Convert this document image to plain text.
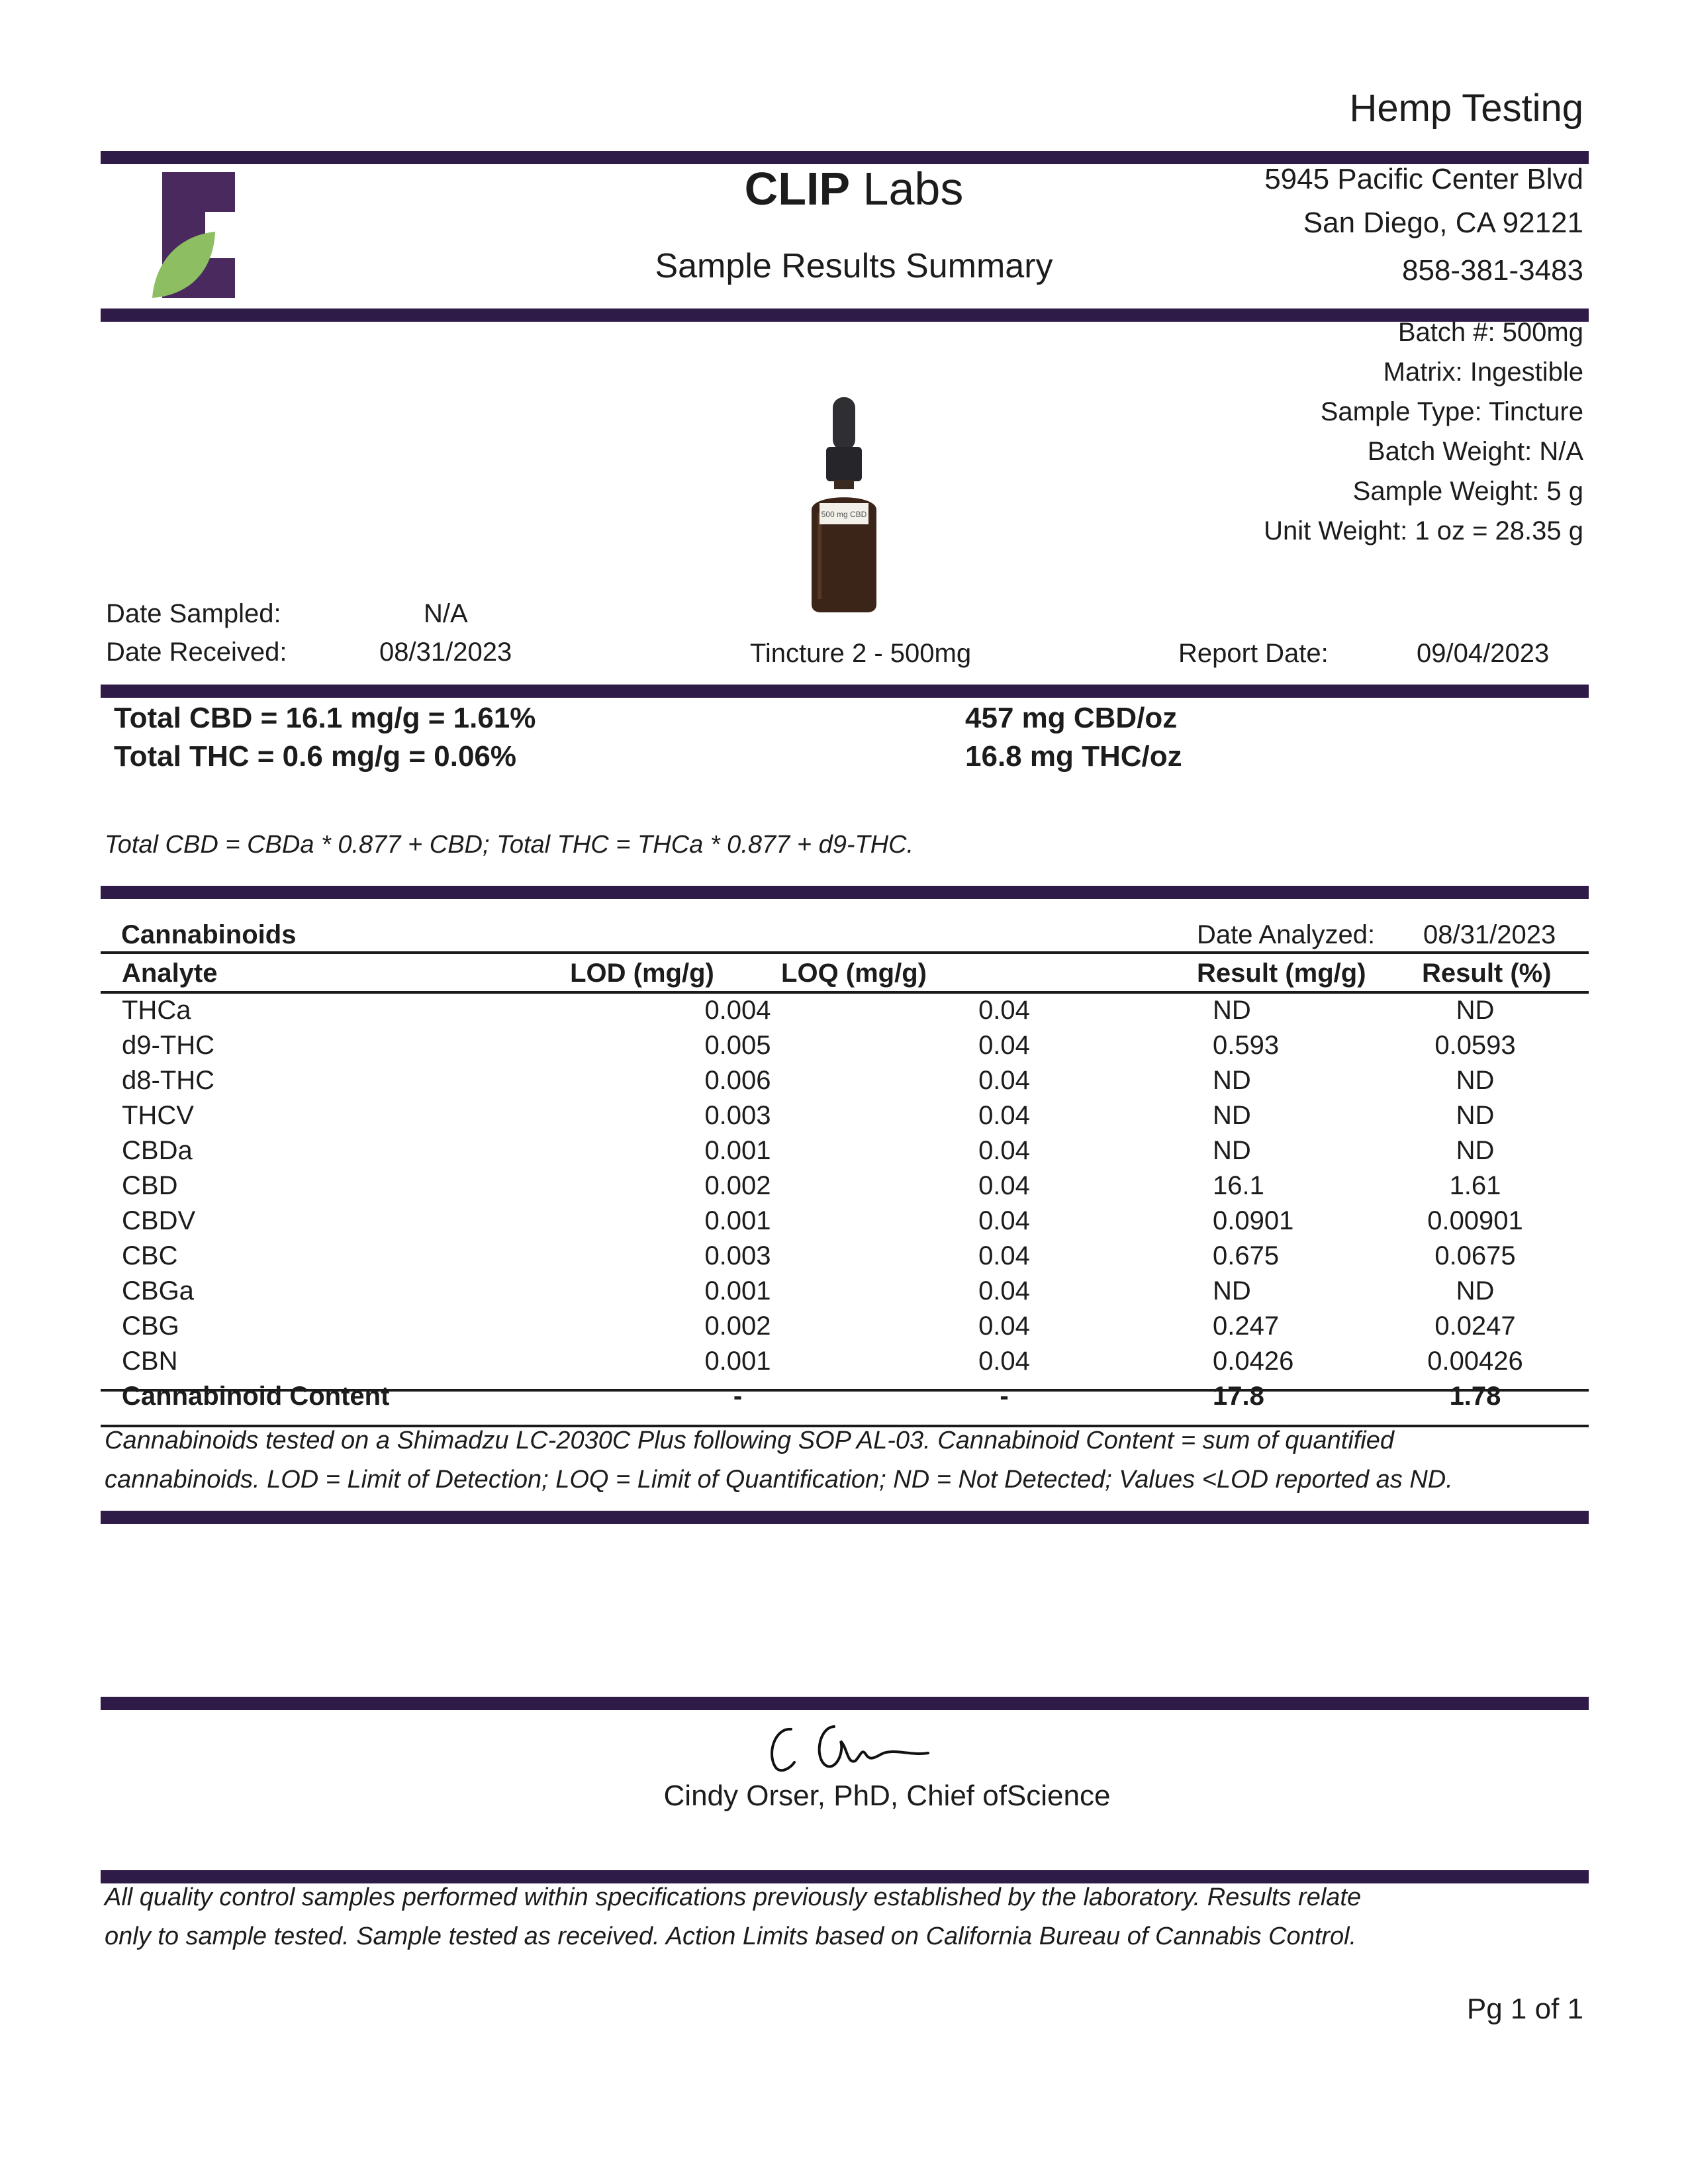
Hemp Testing
CLIP Labs
Sample Results Summary
5945 Pacific Center Blvd
San Diego, CA 92121
858-381-3483
Batch #: 500mg
Matrix: Ingestible
Sample Type: Tincture
Batch Weight: N/A
Sample Weight: 5 g
Unit Weight: 1 oz = 28.35 g
500 mg CBD
Date Sampled:	N/A
Date Received:	08/31/2023	Tincture 2 - 500mg	Report Date:	09/04/2023
Total CBD = 16.1 mg/g = 1.61%
Total THC = 0.6 mg/g = 0.06%
457 mg CBD/oz
16.8 mg THC/oz
Total CBD = CBDa * 0.877 + CBD; Total THC = THCa * 0.877 + d9-THC.
Cannabinoids	Date Analyzed: 08/31/2023
Analyte	LOD (mg/g)	LOQ (mg/g)	Result (mg/g) Result (%)
THCa	0.004	0.04	ND	ND
d9-THC	0.005	0.04	0.593	0.0593
d8-THC	0.006	0.04	ND	ND
THCV	0.003	0.04	ND	ND
CBDa	0.001	0.04	ND	ND
CBD	0.002	0.04	16.1	1.61
CBDV	0.001	0.04	0.0901	0.00901
CBC	0.003	0.04	0.675	0.0675
CBGa	0.001	0.04	ND	ND
CBG	0.002	0.04	0.247	0.0247
CBN	0.001	0.04	0.0426	0.00426
Cannabinoid Content	-	-	17.8	1.78
Cannabinoids tested on a Shimadzu LC-2030C Plus following SOP AL-03. Cannabinoid Content = sum of quantified
cannabinoids. LOD = Limit of Detection; LOQ = Limit of Quantification; ND = Not Detected; Values <LOD reported as ND.
Cindy Orser, PhD, Chief ofScience
All quality control samples performed within specifications previously established by the laboratory. Results relate
only to sample tested. Sample tested as received. Action Limits based on California Bureau of Cannabis Control.
Pg 1 of 1
